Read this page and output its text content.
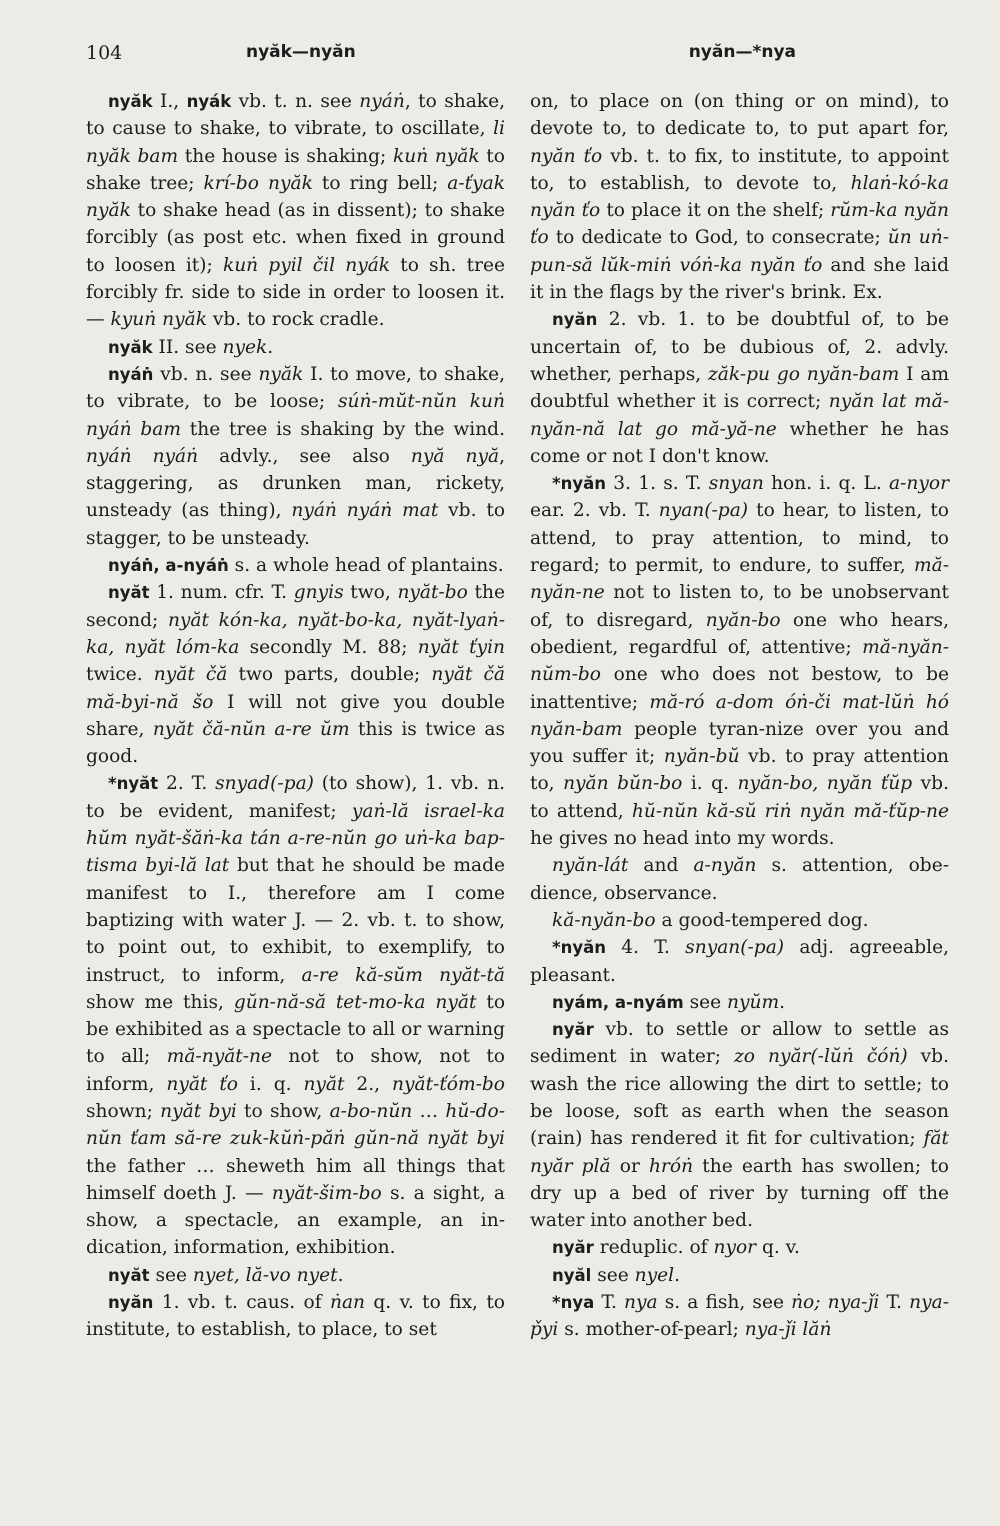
104	nyăk—nyăn	nyăn—*nya

nyăk I., nyák vb. t. n. see nyáṅ, to shake, to cause to shake, to vibrate, to oscillate, li nyăk bam the house is shaking; kuṅ nyăk to shake tree; krí-bo nyăk to ring bell; a-ťyak nyăk to shake head (as in dissent); to shake forcibly (as post etc. when fixed in ground to loosen it); kuṅ pyil čil nyák to sh. tree forcibly fr. side to side in order to loosen it. — kyuṅ nyăk vb. to rock cradle.

nyăk II. see nyek.

nyáṅ vb. n. see nyăk I. to move, to shake, to vibrate, to be loose; súṅ-mŭt-nŭn kuṅ nyáṅ bam the tree is shaking by the wind. nyáṅ nyáṅ advly., see also nyă nyă, staggering, as drunken man, rickety, unsteady (as thing), nyáṅ nyáṅ mat vb. to stagger, to be unsteady.

nyáṅ, a-nyáṅ s. a whole head of plantains.

nyăt 1. num. cfr. T. gnyis two, nyăt-bo the second; nyăt kón-ka, nyăt-bo-ka, nyăt-lyaṅ-ka, nyăt lóm-ka secondly M. 88; nyăt ťyin twice. nyăt čă two parts, double; nyăt čă mă-byi-nă šo I will not give you double share, nyăt čă-nŭn a-re ŭm this is twice as good.

*nyăt 2. T. snyad(-pa) (to show), 1. vb. n. to be evident, manifest; yaṅ-lă israel-ka hŭm nyăt-šăṅ-ka tán a-re-nŭn go uṅ-ka bap-tisma byi-lă lat but that he should be made manifest to I., therefore am I come baptizing with water J. — 2. vb. t. to show, to point out, to exhibit, to exemplify, to instruct, to inform, a-re kă-sŭm nyăt-tă show me this, gŭn-nă-să tet-mo-ka nyăt to be exhibited as a spectacle to all or warning to all; mă-nyăt-ne not to show, not to inform, nyăt ťo i. q. nyăt 2., nyăt-ťóm-bo shown; nyăt byi to show, a-bo-nŭn … hŭ-do-nŭn ťam să-re zuk-kŭṅ-păṅ gŭn-nă nyăt byi the father … sheweth him all things that himself doeth J. — nyăt-šim-bo s. a sight, a show, a spectacle, an example, an in-dication, information, exhibition.

nyăt see nyet, lă-vo nyet.

nyăn 1. vb. t. caus. of ṅan q. v. to fix, to institute, to establish, to place, to set

on, to place on (on thing or on mind), to devote to, to dedicate to, to put apart for, nyăn ťo vb. t. to fix, to institute, to appoint to, to establish, to devote to, hlaṅ-kó-ka nyăn ťo to place it on the shelf; rŭm-ka nyăn ťo to dedicate to God, to consecrate; ŭn uṅ-pun-să lŭk-miṅ vóṅ-ka nyăn ťo and she laid it in the flags by the river's brink. Ex.

nyăn 2. vb. 1. to be doubtful of, to be uncertain of, to be dubious of, 2. advly. whether, perhaps, zăk-pu go nyăn-bam I am doubtful whether it is correct; nyăn lat mă-nyăn-nă lat go mă-yă-ne whether he has come or not I don't know.

*nyăn 3. 1. s. T. snyan hon. i. q. L. a-nyor ear. 2. vb. T. nyan(-pa) to hear, to listen, to attend, to pray attention, to mind, to regard; to permit, to endure, to suffer, mă-nyăn-ne not to listen to, to be unobservant of, to disregard, nyăn-bo one who hears, obedient, regardful of, attentive; mă-nyăn-nŭm-bo one who does not bestow, to be inattentive; mă-ró a-dom óṅ-či mat-lŭṅ hó nyăn-bam people tyran-nize over you and you suffer it; nyăn-bŭ vb. to pray attention to, nyăn bŭn-bo i. q. nyăn-bo, nyăn ťŭp vb. to attend, hŭ-nŭn kă-sŭ riṅ nyăn mă-ťŭp-ne he gives no head into my words.

nyăn-lát and a-nyăn s. attention, obe-dience, observance.

kă-nyăn-bo a good-tempered dog.

*nyăn 4. T. snyan(-pa) adj. agreeable, pleasant.

nyám, a-nyám see nyŭm.

nyăr vb. to settle or allow to settle as sediment in water; zo nyăr(-lŭṅ čóṅ) vb. wash the rice allowing the dirt to settle; to be loose, soft as earth when the season (rain) has rendered it fit for cultivation; făt nyăr plă or hróṅ the earth has swollen; to dry up a bed of river by turning off the water into another bed.

nyăr reduplic. of nyor q. v.

nyăl see nyel.

*nya T. nya s. a fish, see ṅo; nya-ǰi T. nya-p̌yi s. mother-of-pearl; nya-ǰi lăṅ
